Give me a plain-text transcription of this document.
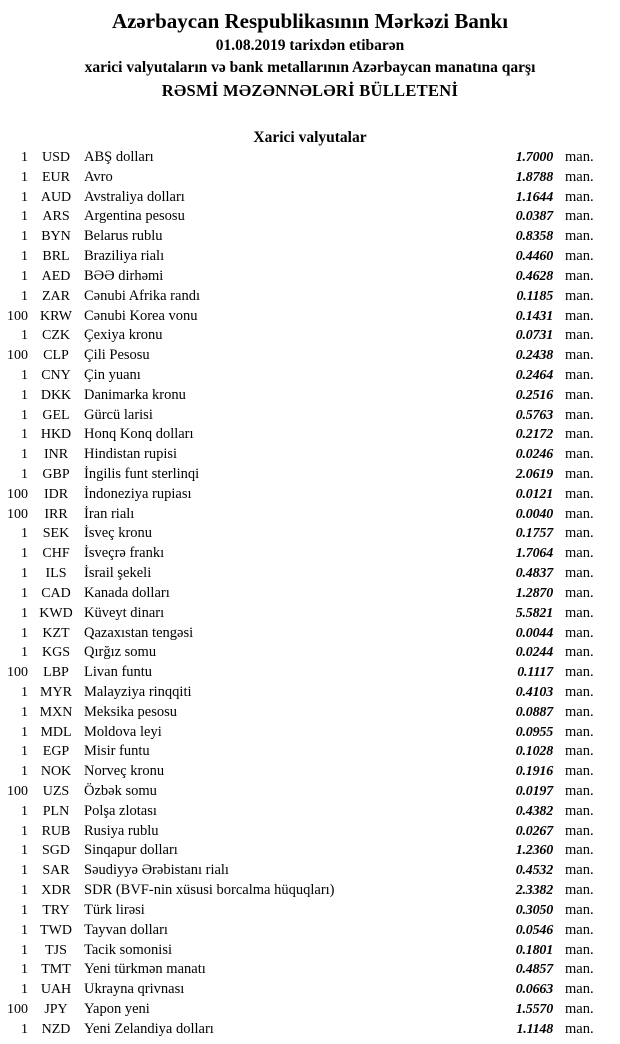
Azərbaycan Respublikasının Mərkəzi Bankı
01.08.2019 tarixdən etibarən
xarici valyutaların və bank metallarının Azərbaycan manatına qarşı
RƏSMİ MƏZƏNNƏLƏRİ BÜLLETENİ
Xarici valyutalar
1 USD ABŞ dolları	1.7000 man.
1	EUR Avro	1.8788 man.
1 AUD Avstraliya dolları	1.1644 man.
1	ARS Argentina pesosu	0.0387 man.
1 BYN Belarus rublu	0.8358 man.
1	BRL Braziliya rialı	0.4460 man.
1 AED BƏƏ dirhəmi	0.4628 man.
1	ZAR Cənubi Afrika randı	0.1185 man.
100 KRW Cənubi Korea vonu	0.1431 man.
1	CZK Çexiya kronu	0.0731 man.
100	CLP	Çili Pesosu	0.2438 man.
1 CNY Çin yuanı	0.2464 man.
1 DKK Danimarka kronu	0.2516 man.
1	GEL Gürcü larisi	0.5763 man.
1 HKD Honq Konq dolları	0.2172 man.
1	INR	Hindistan rupisi	0.0246 man.
1	GBP İngilis funt sterlinqi	2.0619 man.
100	IDR	İndoneziya rupiası	0.0121 man.
100	IRR	İran rialı	0.0040 man.
1	SEK	İsveç kronu	0.1757 man.
1	CHF İsveçrə frankı	1.7064 man.
1	ILS	İsrail şekeli	0.4837 man.
1 CAD Kanada dolları	1.2870 man.
1 KWD Küveyt dinarı	5.5821 man.
1	KZT Qazaxıstan tengəsi	0.0044 man.
1 KGS Qırğız somu	0.0244 man.
100	LBP	Livan funtu	0.1117 man.
1 MYR Malayziya rinqqiti	0.4103 man.
1 MXN Meksika pesosu	0.0887 man.
1 MDL Moldova leyi	0.0955 man.
1	EGP	Misir funtu	0.1028 man.
1 NOK Norveç kronu	0.1916 man.
100	UZS	Özbək somu	0.0197 man.
1	PLN	Polşa zlotası	0.4382 man.
1 RUB Rusiya rublu	0.0267 man.
1 SGD Sinqapur dolları	1.2360 man.
1	SAR Səudiyyə Ərəbistanı rialı	0.4532 man.
1 XDR SDR (BVF-nin xüsusi borcalma hüquqları)	2.3382 man.
1	TRY Türk lirəsi	0.3050 man.
1 TWD Tayvan dolları	0.0546 man.
1	TJS	Tacik somonisi	0.1801 man.
1 TMT Yeni türkmən manatı	0.4857 man.
1 UAH Ukrayna qrivnası	0.0663 man.
100	JPY	Yapon yeni	1.5570 man.
1 NZD Yeni Zelandiya dolları	1.1148 man.
